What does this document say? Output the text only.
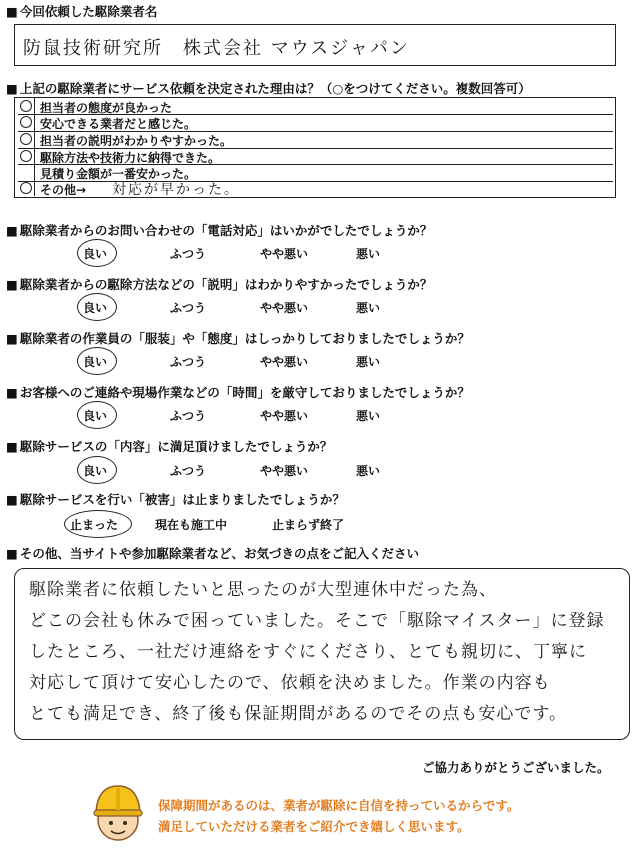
■ 今回依頼した駆除業者名
防鼠技術研究所　株式会社 マウスジャパン
■ 上記の駆除業者にサービス依頼を決定された理由は？（○をつけてください。複数回答可）
担当者の態度が良かった
安心できる業者だと感じた。
担当者の説明がわかりやすかった。
駆除方法や技術力に納得できた。
見積り金額が一番安かった。
その他→ 対応が早かった。
■ 駆除業者からのお問い合わせの「電話対応」はいかがでしたでしょうか？
良い	ふつう	やや悪い	悪い
■ 駆除業者からの駆除方法などの「説明」はわかりやすかったでしょうか？
良い	ふつう	やや悪い	悪い
■ 駆除業者の作業員の「服装」や「態度」はしっかりしておりましたでしょうか？
良い	ふつう	やや悪い	悪い
■ お客様へのご連絡や現場作業などの「時間」を厳守しておりましたでしょうか？
良い	ふつう	やや悪い	悪い
■ 駆除サービスの「内容」に満足頂けましたでしょうか？
良い	ふつう	やや悪い	悪い
■ 駆除サービスを行い「被害」は止まりましたでしょうか？
止まった	現在も施工中	止まらず終了
■ その他、当サイトや参加駆除業者など、お気づきの点をご記入ください
駆除業者に依頼したいと思ったのが大型連休中だった為、
どこの会社も休みで困っていました。そこで「駆除マイスター」に登録
したところ、一社だけ連絡をすぐにくださり、とても親切に、丁寧に
対応して頂けて安心したので、依頼を決めました。作業の内容も
とても満足でき、終了後も保証期間があるのでその点も安心です。
ご協力ありがとうございました。
保障期間があるのは、業者が駆除に自信を持っているからです。
満足していただける業者をご紹介でき嬉しく思います。
